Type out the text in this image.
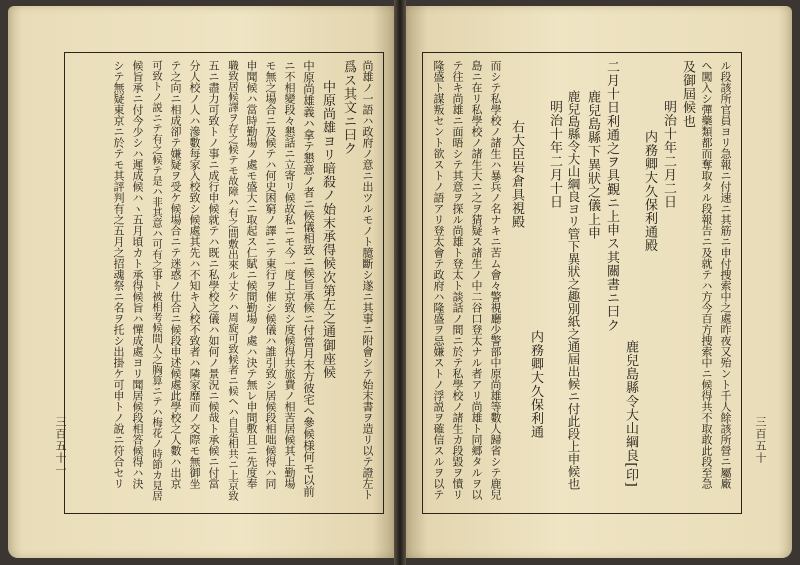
三百五十一	三百五十
ル段該所官員ヨリ急報ニ付速ニ其筋ニ申付捜索中之處昨夜又殆ント千人餘該所營ニ屬廠
ヘ闖入シ彈藥類都而奪取タル段報告ニ及就テハ方今百方捜索中ニ候得共不取敢此段至急
及御屆候也
明治十年二月二日
内務卿大久保利通殿
鹿兒島縣令大山綱良[印]
二月十日利通之ヲ具覲ニ上申ス其關書ニ曰ク
鹿兒島縣下異狀之儀上申
鹿兒島縣令大山綱良ヨリ管下異狀之趣別紙之通屆出候ニ付此段上申候也
明治十年二月十日
内務卿大久保利通
右大臣岩倉具視殿
而シテ私學校ノ諸生ハ暴兵ノ名ナキニ苦ム會々警視廳少警部中原尚雄等數人歸省シテ鹿兒
島ニ在リ私學校ノ諸生大ニ之ヲ猜疑ス諸生ノ中二谷口登太ナル者アリ尚雄ト同郷タルヲ以
テ往キ尚雄ニ面晤シテ其意ヲ探ル尚雄ト登太ト談話ノ間ニ於テ私學校ノ諸生カ段毀ヲ憤リ
隆盛ト謀叛セント欲ストノ語アリ登太會テ政府ハ隆盛ヲ忌嫌ストノ浮説ヲ確信スルヲ以テ
尚雄ノ一語ハ政府ノ意ニ出ツルモノト臆斷シ遂ニ其事ニ附會シテ始末書ヲ造リ以テ證左ト
爲ス其文ニ曰ク
中原尚雄ヨリ暗殺ノ始末承得候次第左之通御座候
中原尚雄義ハ拿テ懇意ノ者ニ候儀相致ニ候旨承候ニ付當月末方彼宅ヘ參候様何モ以前
ニ不相變段々懇話ニ立寄リ候故私ニモ今一度上京致シ度候得共旅費ノ相苦居候其上勤場
モ無之場合ニ及候テハ何史困窮ノ譯ニテ東行ヲ催シ候儀ハ誰引致シ居候段相咄候得ハ同
申聞候ハ當時勤場ノ處モ盛大ニ取起ス仁賦ニ候間勤場ノ處ハ決テ無レ申間敷且ニ先度奉
職致居候譯ヲ存之候テモ故障ハ有之間敷出來ル丈ケハ周旋可致候者ニ候ヘハ自是相共ニ上京致
五ニ盡力可致トノ事ニ成行申候就テハ既ニ私學校之儀ハ如何ノ景況ニ候哉ト承候ニ付當
分人校ノ人ハ滲數每家入校致シ候處其先ハ不知キ入校不致者ハ隣家靡而ノ交際モ無御坐
テ之向ニ相成卻テ嫌疑ヲ受ケ候場合ニテ迷惑ノ仕合ニ候段申述候處此學校之人數ハ出京
可致トノ説ニテ有之候テ是ハ非其意ハ可有之事ト被相考候間人之胸算ニテハ梅花ノ時節カ見居
候旨承ニ付今少シハ遲成候ハヽ五月頃カト承得候旨ハ憚成處ヨリ聞居候段相答候得ハ決
シテ無疑東京ニ於テモ其評判有之五月之招魂祭ニ名ヲ托シ出掛ケ可申トノ說ニ符合セリ
